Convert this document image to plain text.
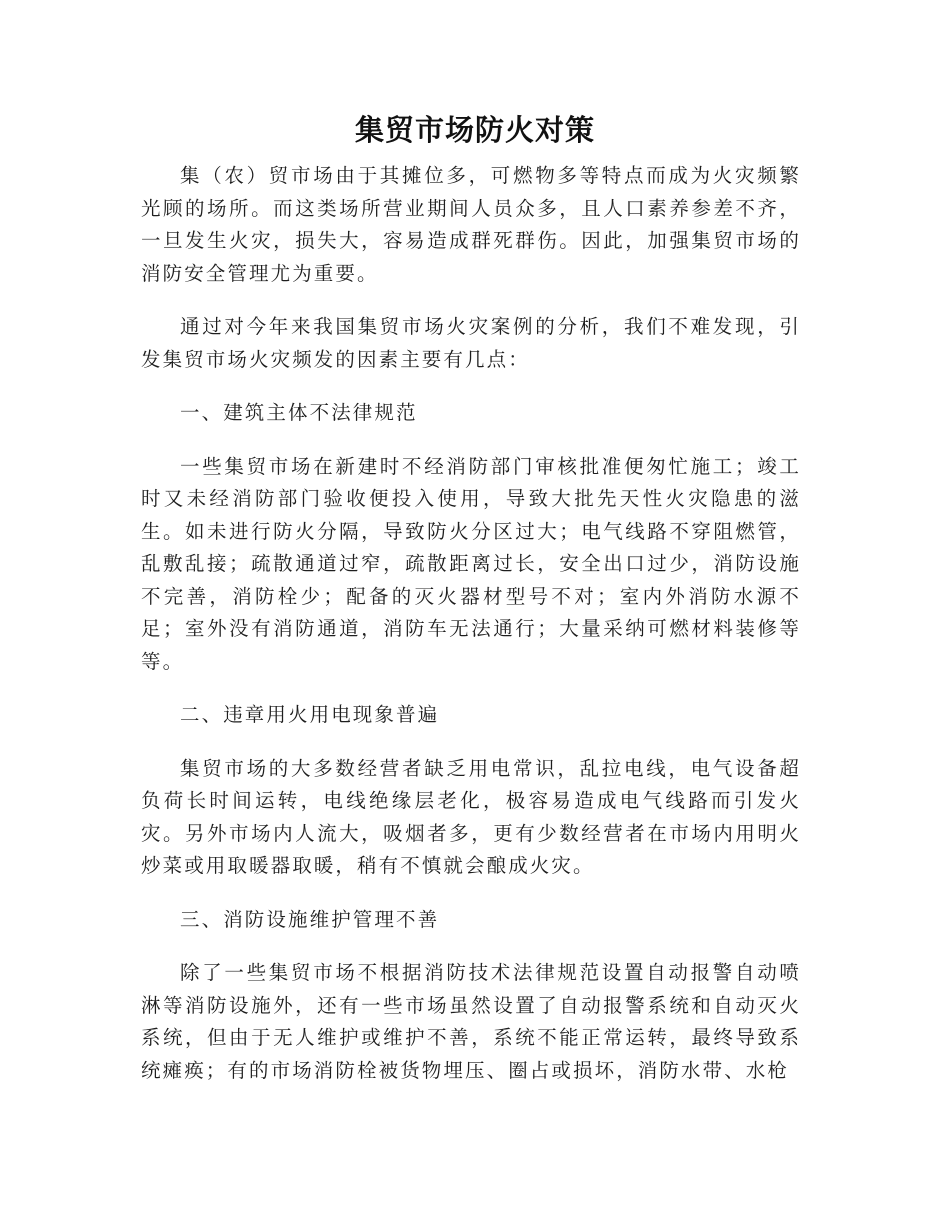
集贸市场防火对策

集（农）贸市场由于其摊位多，可燃物多等特点而成为火灾频繁光顾的场所。而这类场所营业期间人员众多，且人口素养参差不齐，一旦发生火灾，损失大，容易造成群死群伤。因此，加强集贸市场的消防安全管理尤为重要。

通过对今年来我国集贸市场火灾案例的分析，我们不难发现，引发集贸市场火灾频发的因素主要有几点：

一、建筑主体不法律规范

一些集贸市场在新建时不经消防部门审核批准便匆忙施工；竣工时又未经消防部门验收便投入使用，导致大批先天性火灾隐患的滋生。如未进行防火分隔，导致防火分区过大；电气线路不穿阻燃管，乱敷乱接；疏散通道过窄，疏散距离过长，安全出口过少，消防设施不完善，消防栓少；配备的灭火器材型号不对；室内外消防水源不足；室外没有消防通道，消防车无法通行；大量采纳可燃材料装修等等。

二、违章用火用电现象普遍

集贸市场的大多数经营者缺乏用电常识，乱拉电线，电气设备超负荷长时间运转，电线绝缘层老化，极容易造成电气线路而引发火灾。另外市场内人流大，吸烟者多，更有少数经营者在市场内用明火炒菜或用取暖器取暖，稍有不慎就会酿成火灾。

三、消防设施维护管理不善

除了一些集贸市场不根据消防技术法律规范设置自动报警自动喷淋等消防设施外，还有一些市场虽然设置了自动报警系统和自动灭火系统，但由于无人维护或维护不善，系统不能正常运转，最终导致系统瘫痪；有的市场消防栓被货物埋压、圈占或损坏，消防水带、水枪
